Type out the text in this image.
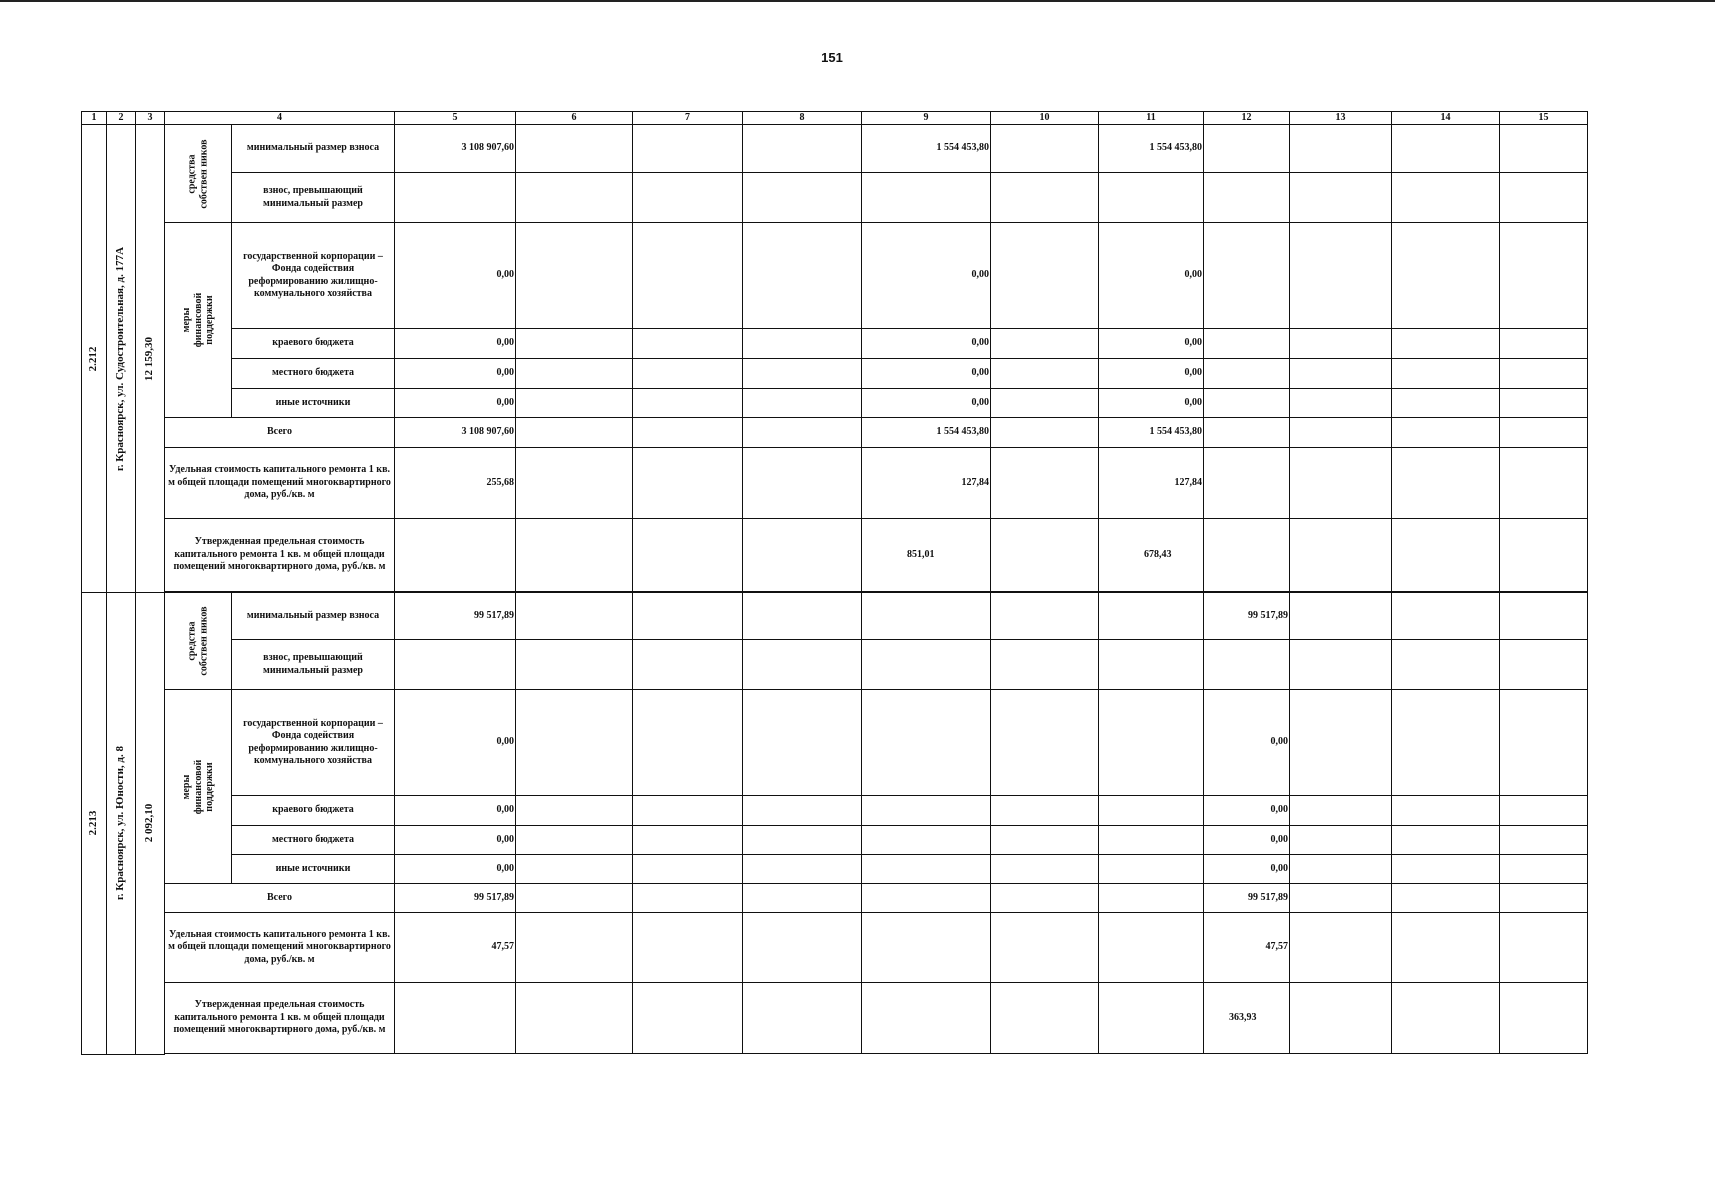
151
1	2	3	4		5	6	7	8	9	10	11	12	13	14	15

2.212	г. Красноярск, ул. Судостроительная, д. 177А	12 159,30	средства собствен ников	минимальный размер взноса	3 108 907,60				1 554 453,80		1 554 453,80				
				взнос, превышающий минимальный размер											

			меры финансовой поддержки	государственной корпорации – Фонда содействия реформированию жилищно-коммунального хозяйства	0,00				0,00		0,00				
				краевого бюджета	0,00				0,00		0,00				
				местного бюджета	0,00				0,00		0,00				
				иные источники	0,00				0,00		0,00				
			Всего		3 108 907,60				1 554 453,80		1 554 453,80				
			Удельная стоимость капитального ремонта 1 кв. м общей площади помещений многоквартирного дома, руб./кв. м		255,68				127,84		127,84				
			Утвержденная предельная стоимость капитального ремонта 1 кв. м общей площади помещений многоквартирного дома, руб./кв. м						851,01		678,43				

2.213	г. Красноярск, ул. Юности, д. 8	2 092,10	средства собствен ников	минимальный размер взноса	99 517,89							99 517,89			
				взнос, превышающий минимальный размер											

			меры финансовой поддержки	государственной корпорации – Фонда содействия реформированию жилищно-коммунального хозяйства	0,00							0,00			
				краевого бюджета	0,00							0,00			
				местного бюджета	0,00							0,00			
				иные источники	0,00							0,00			
			Всего		99 517,89							99 517,89			
			Удельная стоимость капитального ремонта 1 кв. м общей площади помещений многоквартирного дома, руб./кв. м		47,57							47,57			
			Утвержденная предельная стоимость капитального ремонта 1 кв. м общей площади помещений многоквартирного дома, руб./кв. м									363,93			
